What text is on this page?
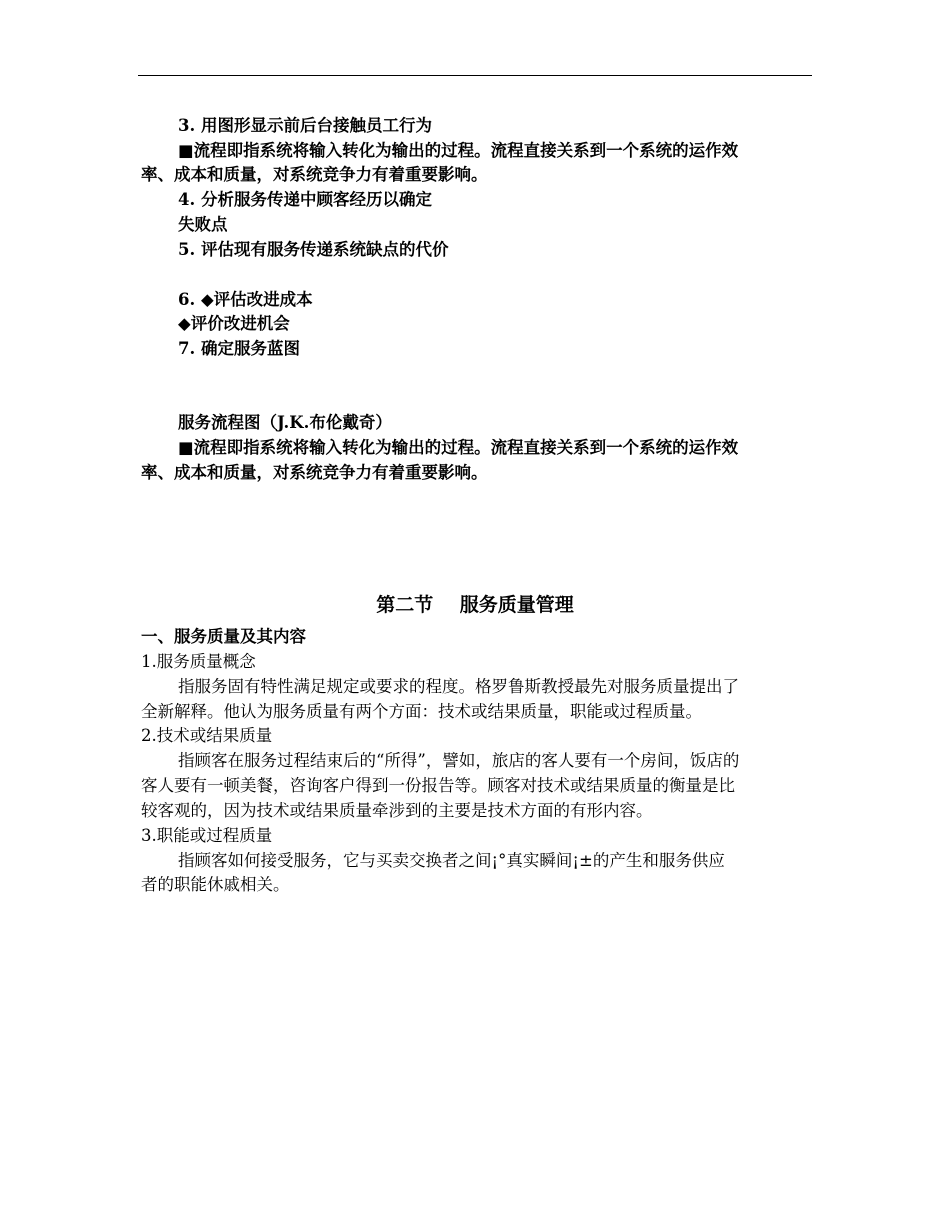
3. 用图形显示前后台接触员工行为
■流程即指系统将输入转化为输出的过程。流程直接关系到一个系统的运作效
率、成本和质量，对系统竞争力有着重要影响。
4. 分析服务传递中顾客经历以确定
失败点
5. 评估现有服务传递系统缺点的代价
6. ◆评估改进成本
◆评价改进机会
7. 确定服务蓝图
服务流程图（J.K.布伦戴奇）
■流程即指系统将输入转化为输出的过程。流程直接关系到一个系统的运作效
率、成本和质量，对系统竞争力有着重要影响。
第二节    服务质量管理
一、服务质量及其内容
1.服务质量概念
指服务固有特性满足规定或要求的程度。格罗鲁斯教授最先对服务质量提出了
全新解释。他认为服务质量有两个方面：技术或结果质量，职能或过程质量。
2.技术或结果质量
指顾客在服务过程结束后的“所得”，譬如，旅店的客人要有一个房间，饭店的
客人要有一顿美餐，咨询客户得到一份报告等。顾客对技术或结果质量的衡量是比
较客观的，因为技术或结果质量牵涉到的主要是技术方面的有形内容。
3.职能或过程质量
指顾客如何接受服务，它与买卖交换者之间¡°真实瞬间¡±的产生和服务供应
者的职能休戚相关。
